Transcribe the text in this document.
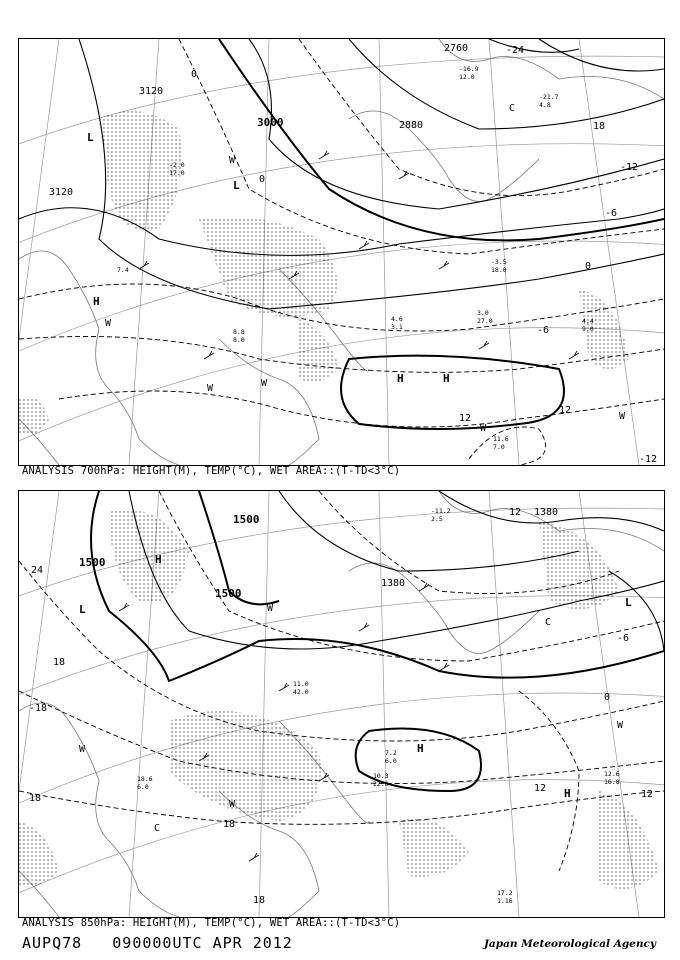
3120
3120
3000	2880
2760
0
-24
18
-12
-6
0
-6
12
12
-12
0
L
L
H
H	H
C
W
W
W	W
W
W
7.4
-2.0
17.0
3.0
27.0
8.8
8.0
4.4
9.0
11.6
7.0
4.6
3.1
-3.5
18.0
-16.9
12.0
-21.7
4.8
ANALYSIS 700hPa: HEIGHT(M), TEMP(°C), WET AREA::(T-TD<3°C)
1500
1500
1500
1380
1380
24
18
18
18
18
-18
12
12
0
-6
12
L
H
H
L
H
C
C
W
W
W
W
11.0
42.0
7.2
6.0
10.3
22.0
17.2
1.16
18.6
6.0
12.6
16.8
-11.2
2.5
ANALYSIS 850hPa: HEIGHT(M), TEMP(°C), WET AREA::(T-TD<3°C)
AUPQ78 090000UTC APR 2012	Japan Meteorological Agency
